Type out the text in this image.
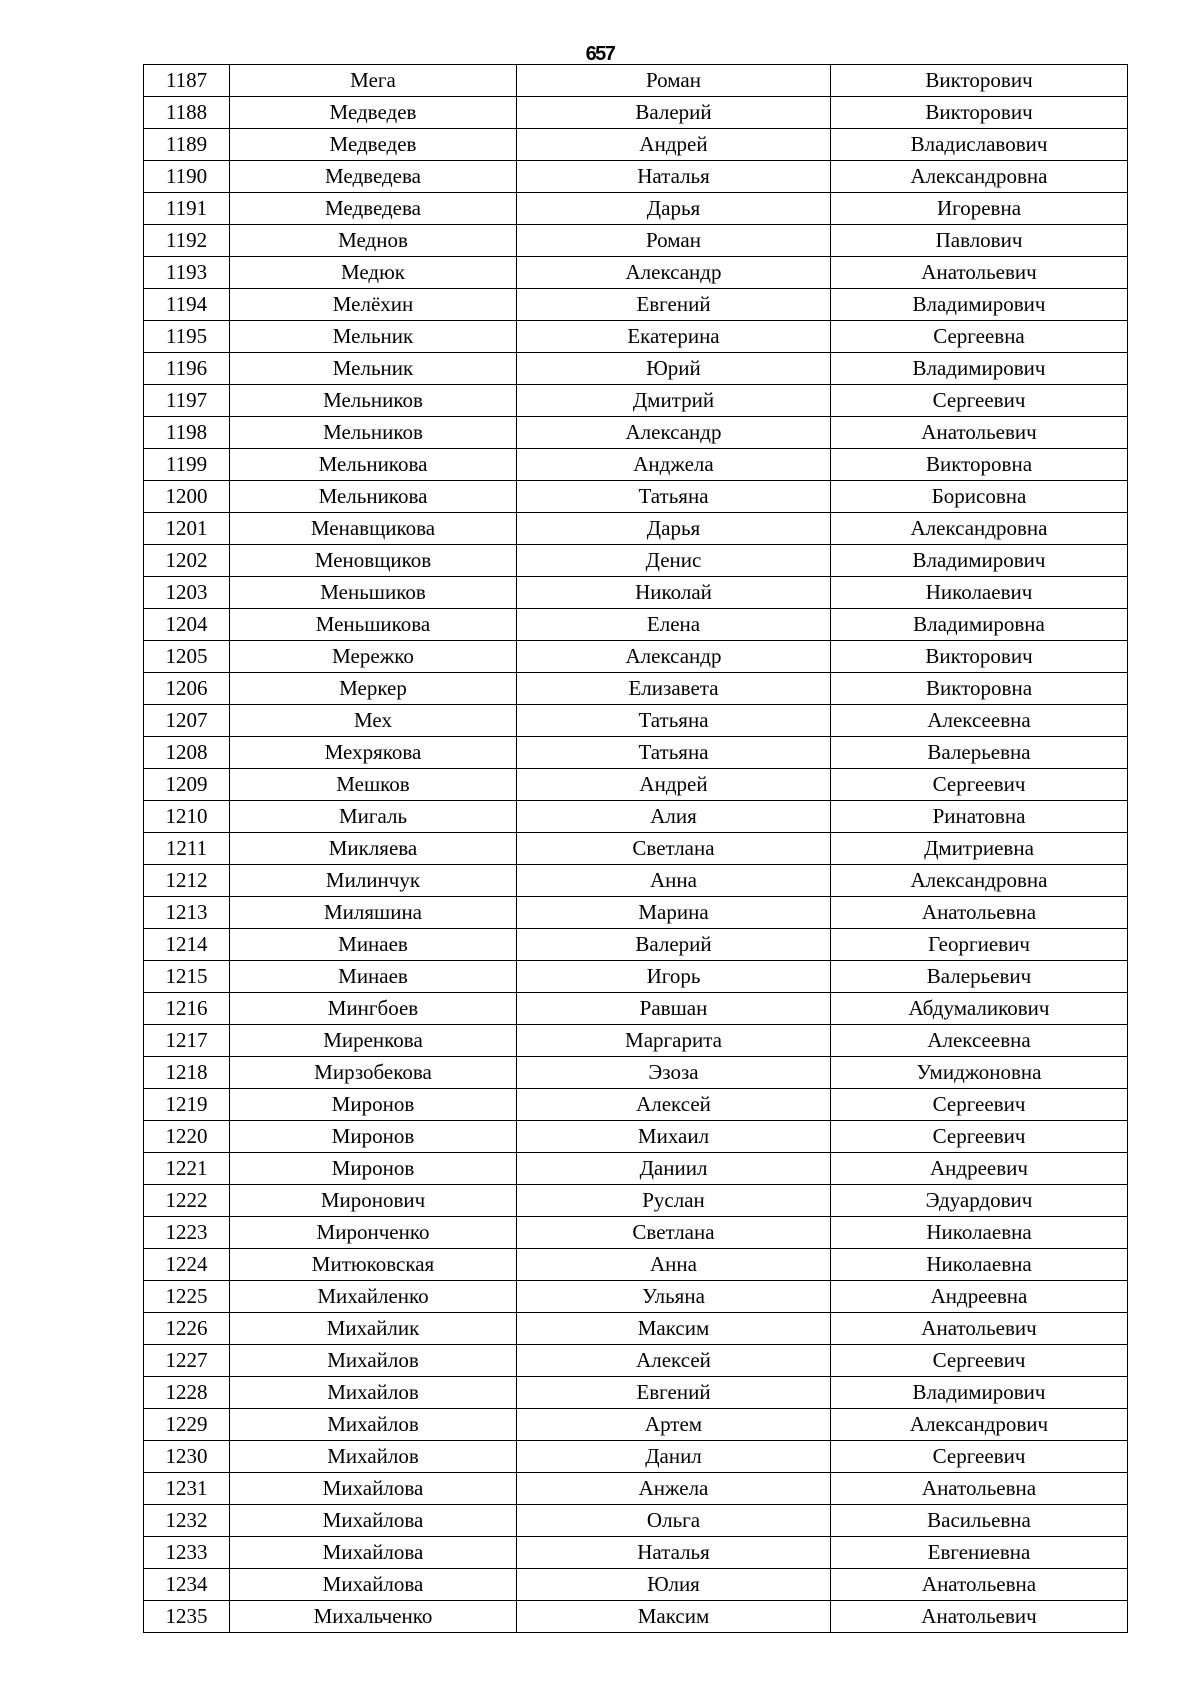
657
1187	Мега	Роман	Викторович
1188	Медведев	Валерий	Викторович
1189	Медведев	Андрей	Владиславович
1190	Медведева	Наталья	Александровна
1191	Медведева	Дарья	Игоревна
1192	Меднов	Роман	Павлович
1193	Медюк	Александр	Анатольевич
1194	Мелёхин	Евгений	Владимирович
1195	Мельник	Екатерина	Сергеевна
1196	Мельник	Юрий	Владимирович
1197	Мельников	Дмитрий	Сергеевич
1198	Мельников	Александр	Анатольевич
1199	Мельникова	Анджела	Викторовна
1200	Мельникова	Татьяна	Борисовна
1201	Менавщикова	Дарья	Александровна
1202	Меновщиков	Денис	Владимирович
1203	Меньшиков	Николай	Николаевич
1204	Меньшикова	Елена	Владимировна
1205	Мережко	Александр	Викторович
1206	Меркер	Елизавета	Викторовна
1207	Мех	Татьяна	Алексеевна
1208	Мехрякова	Татьяна	Валерьевна
1209	Мешков	Андрей	Сергеевич
1210	Мигаль	Алия	Ринатовна
1211	Микляева	Светлана	Дмитриевна
1212	Милинчук	Анна	Александровна
1213	Миляшина	Марина	Анатольевна
1214	Минаев	Валерий	Георгиевич
1215	Минаев	Игорь	Валерьевич
1216	Мингбоев	Равшан	Абдумаликович
1217	Миренкова	Маргарита	Алексеевна
1218	Мирзобекова	Эзоза	Умиджоновна
1219	Миронов	Алексей	Сергеевич
1220	Миронов	Михаил	Сергеевич
1221	Миронов	Даниил	Андреевич
1222	Миронович	Руслан	Эдуардович
1223	Миронченко	Светлана	Николаевна
1224	Митюковская	Анна	Николаевна
1225	Михайленко	Ульяна	Андреевна
1226	Михайлик	Максим	Анатольевич
1227	Михайлов	Алексей	Сергеевич
1228	Михайлов	Евгений	Владимирович
1229	Михайлов	Артем	Александрович
1230	Михайлов	Данил	Сергеевич
1231	Михайлова	Анжела	Анатольевна
1232	Михайлова	Ольга	Васильевна
1233	Михайлова	Наталья	Евгениевна
1234	Михайлова	Юлия	Анатольевна
1235	Михальченко	Максим	Анатольевич
